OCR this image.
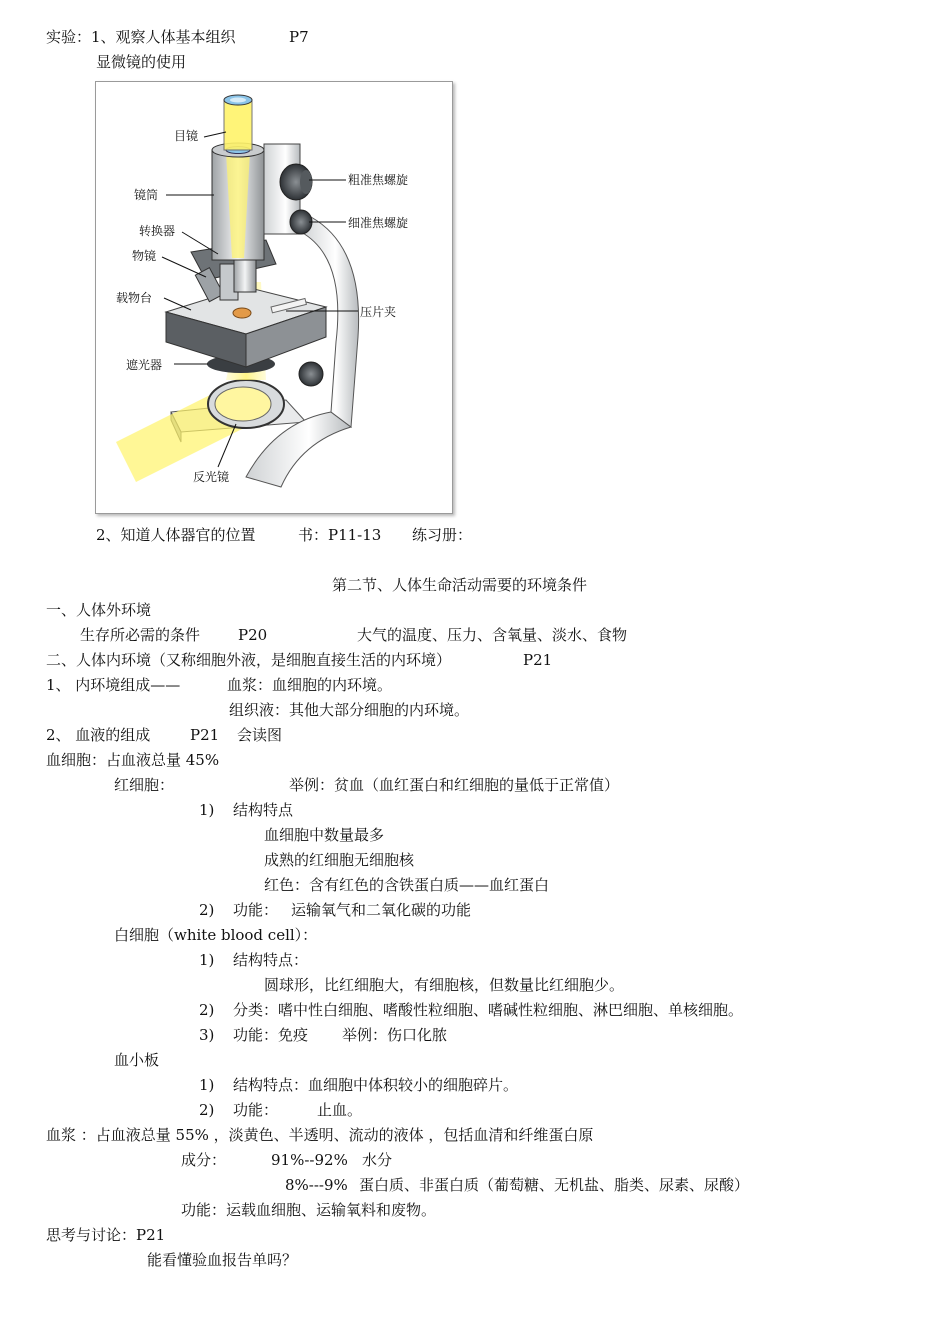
实验：1、观察人体基本组织	P7
显微镜的使用
目镜
镜筒
粗准焦螺旋
细准焦螺旋
转换器
物镜
载物台
压片夹
遮光器
反光镜
2、知道人体器官的位置	书：P11-13 练习册：
第二节、人体生命活动需要的环境条件
一、人体外环境
生存所必需的条件	P20	大气的温度、压力、含氧量、淡水、食物
二、人体内环境（又称细胞外液，是细胞直接生活的内环境）	P21
1、 内环境组成——	血浆：血细胞的内环境。
组织液：其他大部分细胞的内环境。
2、 血液的组成	P21 会读图
血细胞：占血液总量 45%
红细胞：	举例：贫血（血红蛋白和红细胞的量低于正常值）
1) 结构特点
血细胞中数量最多
成熟的红细胞无细胞核
红色：含有红色的含铁蛋白质——血红蛋白
2) 功能： 运输氧气和二氧化碳的功能
白细胞（white blood cell）：
1) 结构特点：
圆球形，比红细胞大，有细胞核，但数量比红细胞少。
2) 分类：嗜中性白细胞、嗜酸性粒细胞、嗜碱性粒细胞、淋巴细胞、单核细胞。
3) 功能：免疫 举例：伤口化脓
血小板
1) 结构特点：血细胞中体积较小的细胞碎片。
2) 功能：	止血。
血浆 ：占血液总量 55% ，淡黄色、半透明、流动的液体 ，包括血清和纤维蛋白原
成分：	91%--92% 水分
8%---9% 蛋白质、非蛋白质（葡萄糖、无机盐、脂类、尿素、尿酸）
功能：运载血细胞、运输氧料和废物。
思考与讨论：P21
能看懂验血报告单吗？
